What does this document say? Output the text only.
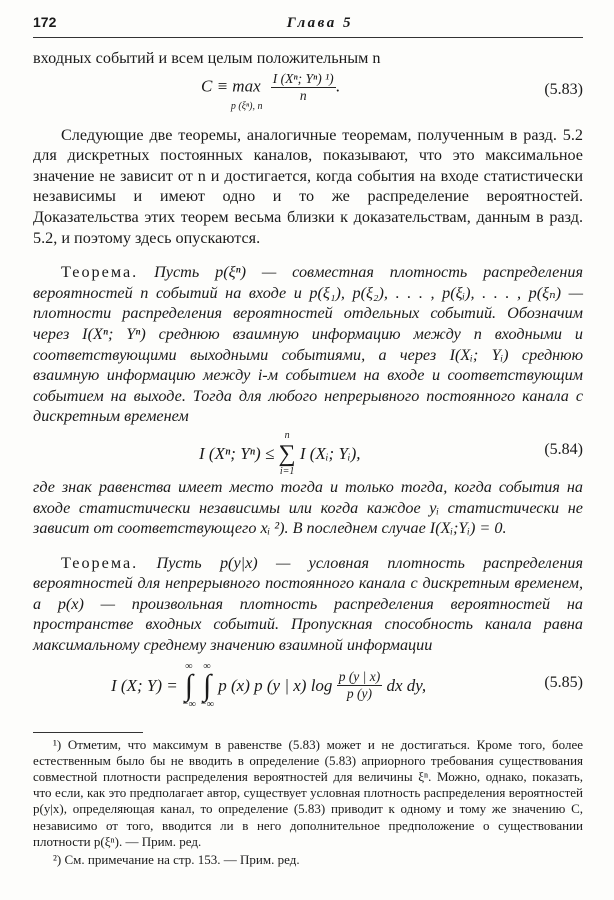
172	Глава 5

входных событий и всем целым положительным n

C ≡ max
p (ξⁿ), n

$\frac{\text{I (Xⁿ; Yⁿ) ¹)}}{n}$ .	(5.83)

Следующие две теоремы, аналогичные теоремам, полученным в разд. 5.2 для дискретных постоянных каналов, показывают, что это максимальное значение не зависит от n и достигается, когда события на входе статистически независимы и имеют одно и то же распределение вероятностей. Доказательства этих теорем весьма близки к доказательствам, данным в разд. 5.2, и поэтому здесь опускаются.

Теорема. Пусть p(ξⁿ) — совместная плотность распределения вероятностей n событий на входе и p(ξ₁), p(ξ₂), . . . , p(ξᵢ), . . . , p(ξₙ) — плотности распределения вероятностей отдельных событий. Обозначим через I(Xⁿ; Yⁿ) среднюю взаимную информацию между n входными и соответствующими выходными событиями, а через I(Xᵢ; Yᵢ) среднюю взаимную информацию между i-м событием на входе и соответствующим событием на выходе. Тогда для любого непрерывного постоянного канала с дискретным временем

I (Xⁿ; Yⁿ) ≤
n
∑
i=1
I (Xᵢ; Yᵢ),	(5.84)

где знак равенства имеет место тогда и только тогда, когда события на входе статистически независимы или когда каждое yᵢ статистически не зависит от соответствующего xᵢ ²). В последнем случае I(Xᵢ;Yᵢ) = 0.

Теорема. Пусть p(y|x) — условная плотность распределения вероятностей для непрерывного постоянного канала с дискретным временем, а p(x) — произвольная плотность распределения вероятностей на пространстве входных событий. Пропускная способность канала равна максимальному среднему значению взаимной информации

I (X; Y) =
∞
∫
−∞

∞
∫
−∞
p (x) p (y | x) $\log \frac{p (y | x)}{p (y)}$ dx dy,	(5.85)

¹) Отметим, что максимум в равенстве (5.83) может и не достигаться. Кроме того, более естественным было бы не вводить в определение (5.83) априорного требования существования совместной плотности распределения вероятностей для величины ξⁿ. Можно, однако, показать, что если, как это предполагает автор, существует условная плотность распределения вероятностей p(y|x), определяющая канал, то определение (5.83) приводит к одному и тому же значению C, независимо от того, вводится ли в него дополнительное предположение о существовании плотности p(ξⁿ). — Прим. ред.

²) См. примечание на стр. 153. — Прим. ред.
